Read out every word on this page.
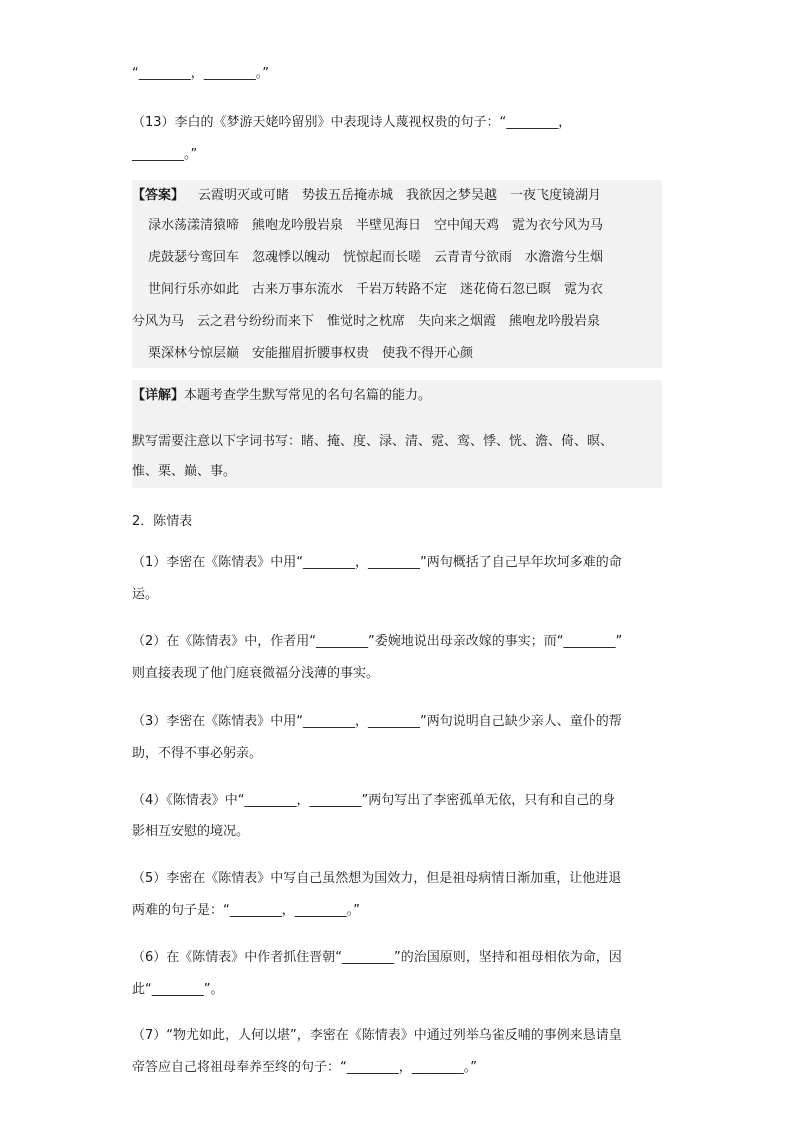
“________，________。”
（13）李白的《梦游天姥吟留别》中表现诗人蔑视权贵的句子：“________，
________。”
【答案】 云霞明灭或可睹　势拔五岳掩赤城　我欲因之梦吴越　一夜飞度镜湖月
渌水荡漾清猿啼　熊咆龙吟殷岩泉　半壁见海日　空中闻天鸡　霓为衣兮风为马
虎鼓瑟兮鸾回车　忽魂悸以魄动　恍惊起而长嗟　云青青兮欲雨　水澹澹兮生烟
世间行乐亦如此　古来万事东流水　千岩万转路不定　迷花倚石忽已暝　霓为衣
兮风为马　云之君兮纷纷而来下　惟觉时之枕席　失向来之烟霞　熊咆龙吟殷岩泉
栗深林兮惊层巅　安能摧眉折腰事权贵　使我不得开心颜
【详解】本题考查学生默写常见的名句名篇的能力。
默写需要注意以下字词书写：睹、掩、度、渌、清、霓、鸾、悸、恍、澹、倚、暝、
惟、栗、巅、事。
2．陈情表
（1）李密在《陈情表》中用“________，________”两句概括了自己早年坎坷多难的命
运。
（2）在《陈情表》中，作者用“________”委婉地说出母亲改嫁的事实；而“________”
则直接表现了他门庭衰微福分浅薄的事实。
（3）李密在《陈情表》中用“________，________”两句说明自己缺少亲人、童仆的帮
助，不得不事必躬亲。
（4）《陈情表》中“________，________”两句写出了李密孤单无依，只有和自己的身
影相互安慰的境况。
（5）李密在《陈情表》中写自己虽然想为国效力，但是祖母病情日渐加重，让他进退
两难的句子是：“________，________。”
（6）在《陈情表》中作者抓住晋朝“________”的治国原则，坚持和祖母相依为命，因
此“________”。
（7）“物尤如此，人何以堪”，李密在《陈情表》中通过列举乌雀反哺的事例来恳请皇
帝答应自己将祖母奉养至终的句子：“________，________。”
